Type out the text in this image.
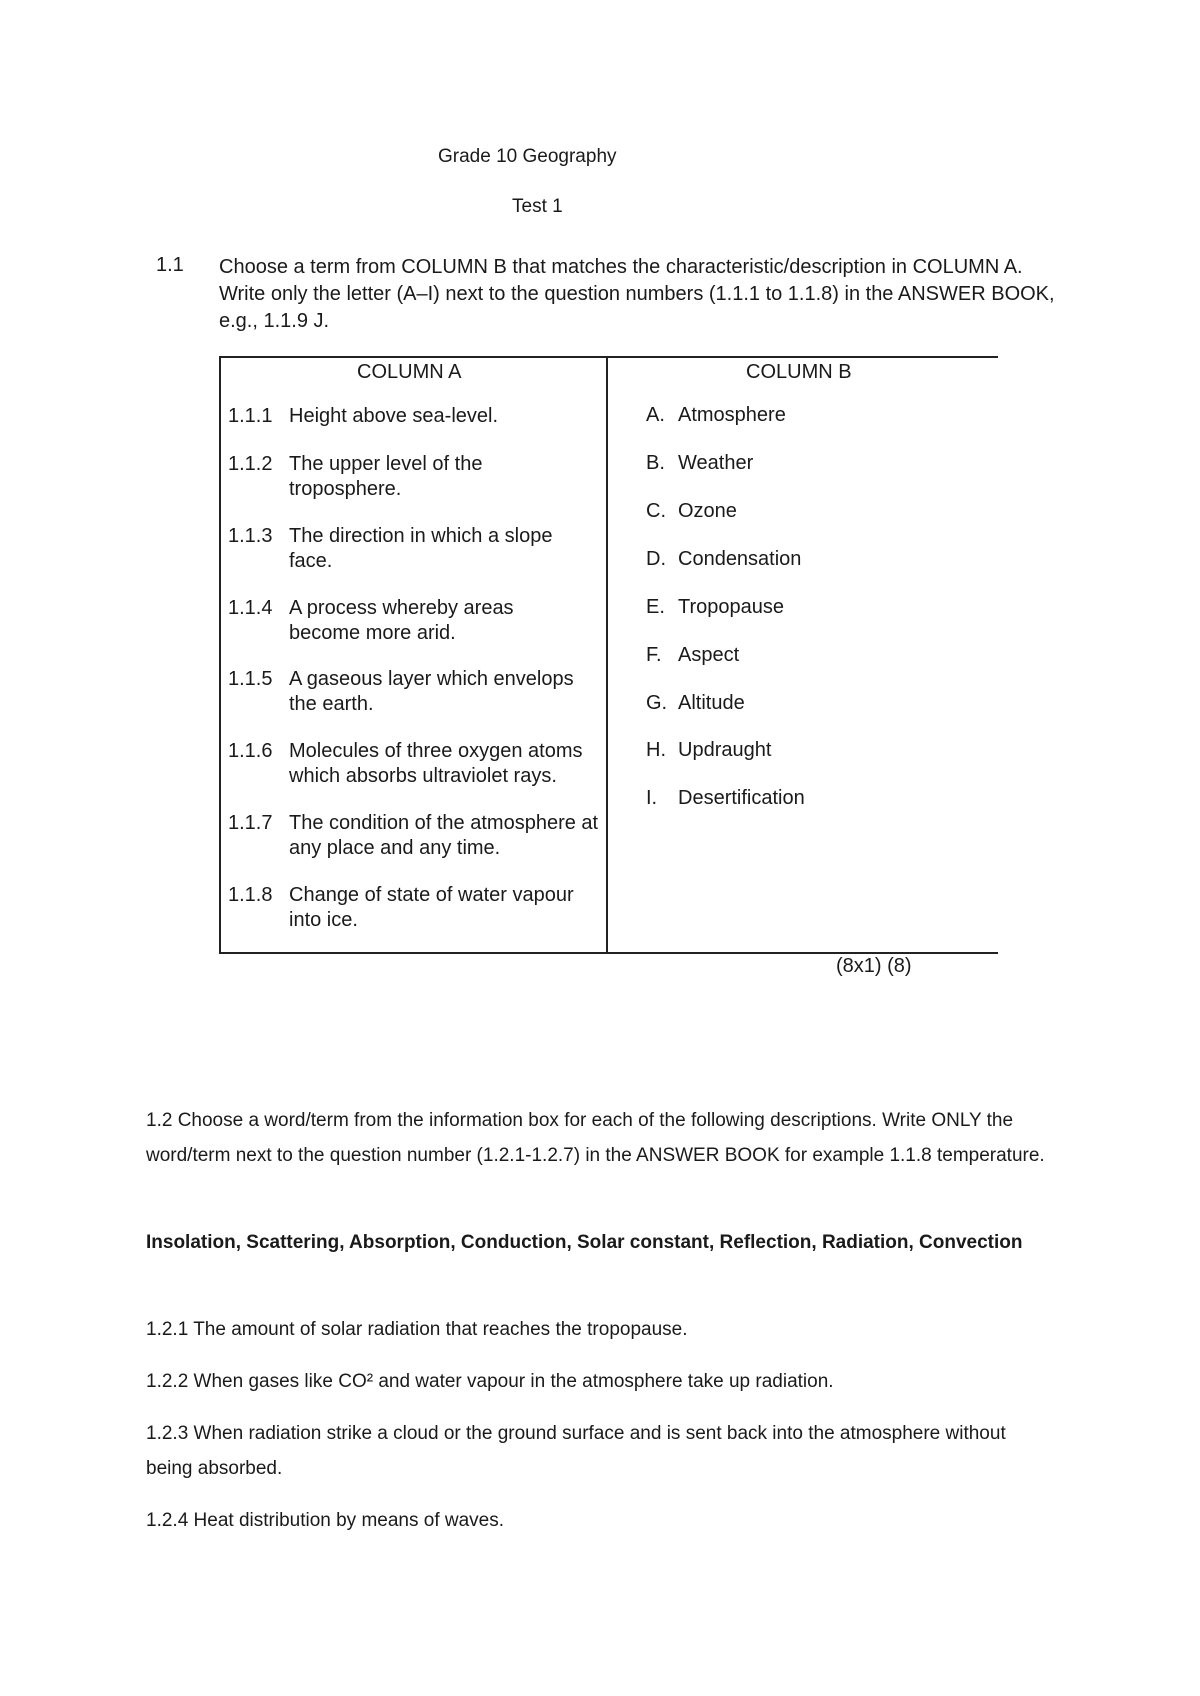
Grade 10 Geography
Test 1
1.1 Choose a term from COLUMN B that matches the characteristic/description in COLUMN A. Write only the letter (A–I) next to the question numbers (1.1.1 to 1.1.8) in the ANSWER BOOK, e.g., 1.1.9 J.
COLUMN A	COLUMN B
1.1.1 Height above sea-level.
1.1.2 The upper level of the troposphere.
1.1.3 The direction in which a slope face.
1.1.4 A process whereby areas become more arid.
1.1.5 A gaseous layer which envelops the earth.
1.1.6 Molecules of three oxygen atoms which absorbs ultraviolet rays.
1.1.7 The condition of the atmosphere at any place and any time.
1.1.8 Change of state of water vapour into ice.
A. Atmosphere
B. Weather
C. Ozone
D. Condensation
E. Tropopause
F. Aspect
G. Altitude
H. Updraught
I. Desertification
(8x1) (8)
1.2 Choose a word/term from the information box for each of the following descriptions. Write ONLY the word/term next to the question number (1.2.1-1.2.7) in the ANSWER BOOK for example 1.1.8 temperature.
Insolation, Scattering, Absorption, Conduction, Solar constant, Reflection, Radiation, Convection
1.2.1 The amount of solar radiation that reaches the tropopause.
1.2.2 When gases like CO² and water vapour in the atmosphere take up radiation.
1.2.3 When radiation strike a cloud or the ground surface and is sent back into the atmosphere without being absorbed.
1.2.4 Heat distribution by means of waves.
